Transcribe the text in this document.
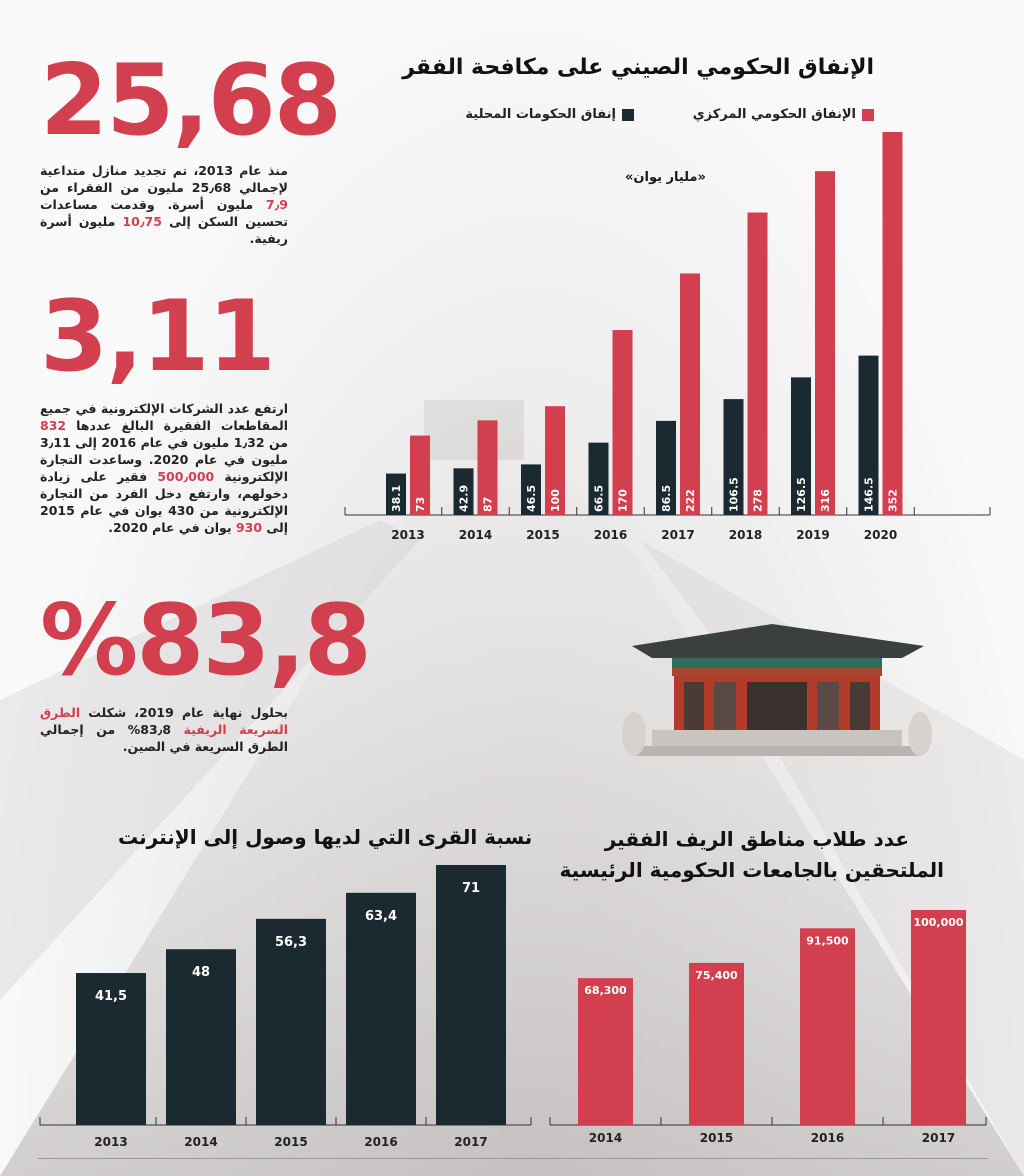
25,68
منذ عام 2013، تم تجديد منازل متداعية لإجمالي 25٫68 مليون من الفقراء من 7٫9 مليون أسرة. وقدمت مساعدات تحسين السكن إلى 10٫75 مليون أسرة ريفية.
3,11
ارتفع عدد الشركات الإلكترونية في جميع المقاطعات الفقيرة البالغ عددها 832 من 1٫32 مليون في عام 2016 إلى 3٫11 مليون في عام 2020. وساعدت التجارة الإلكترونية 500٫000 فقير على زيادة دخولهم، وارتفع دخل الفرد من التجارة الإلكترونية من 430 يوان في عام 2015 إلى 930 يوان في عام 2020.
%83,8
بحلول نهاية عام 2019، شكلت الطرق السريعة الريفية 83٫8% من إجمالي الطرق السريعة في الصين.
الإنفاق الحكومي الصيني على مكافحة الفقر
الإنفاق الحكومي المركزي
إنفاق الحكومات المحلية
«مليار يوان»
38.1 73
2013
42.9 87
2014
46.5 100
2015
66.5 170
2016
86.5 222
2017
106.5 278
2018
126.5 316
2019
146.5 352
2020
نسبة القرى التي لديها وصول إلى الإنترنت
41,5
2013
48
2014
56,3
2015
63,4
2016
71
2017
عدد طلاب مناطق الريف الفقير
الملتحقين بالجامعات الحكومية الرئيسية
68,300
2014
75,400
2015
91,500
2016
100,000
2017
